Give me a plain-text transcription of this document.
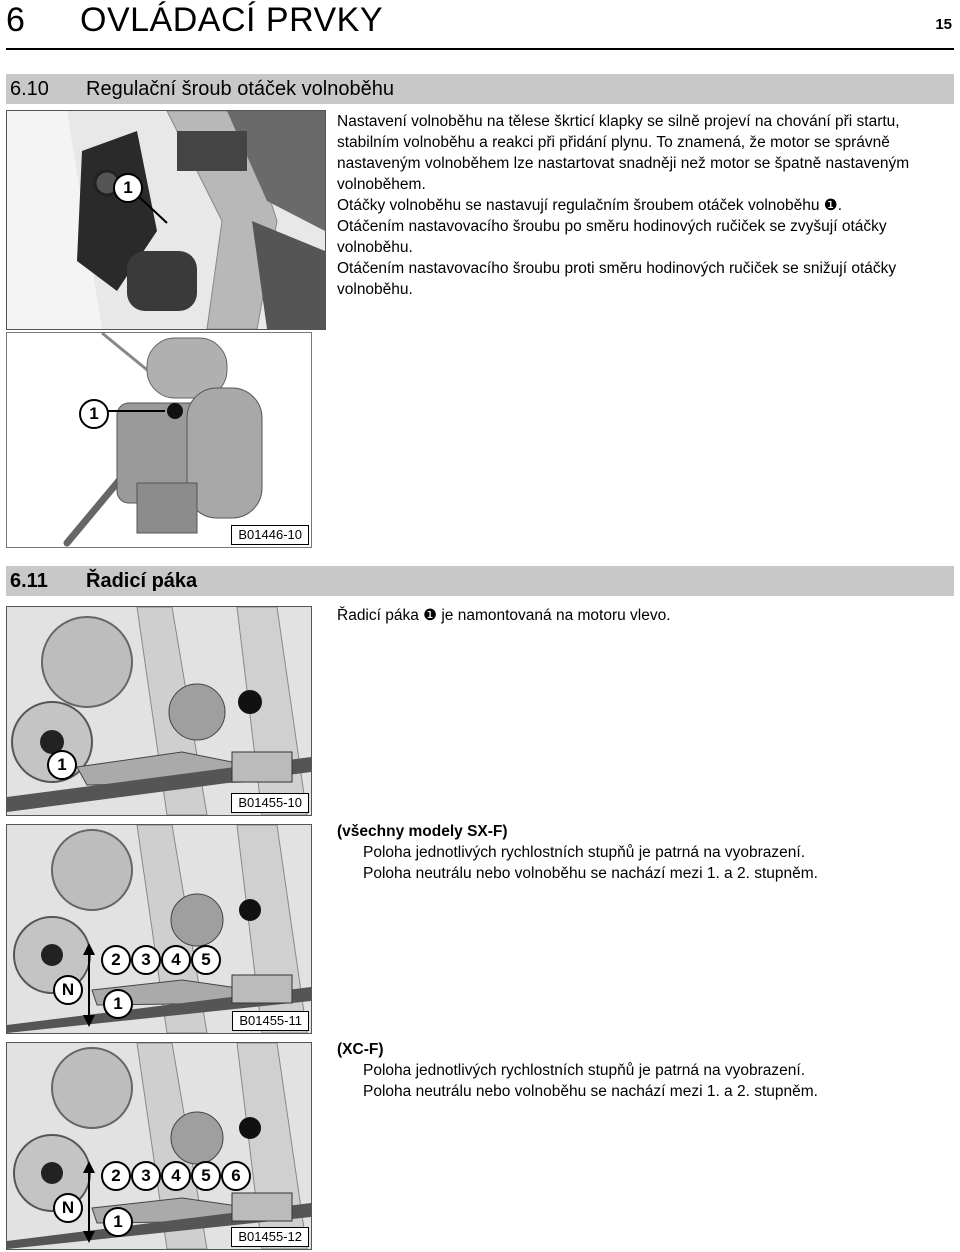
6 OVLÁDACÍ PRVKY	15
6.10 Regulační šroub otáček volnoběhu
1

Nastavení volnoběhu na tělese škrticí klapky se silně projeví na chování při startu, stabilním volnoběhu a reakci při přidání plynu. To znamená, že motor se správně nastaveným volnoběhem lze nastartovat snadněji než motor se špatně nastaveným volnoběhem.

Otáčky volnoběhu se nastavují regulačním šroubem otáček volnoběhu ❶.

Otáčením nastavovacího šroubu po směru hodinových ručiček se zvyšují otáčky volnoběhu.

Otáčením nastavovacího šroubu proti směru hodinových ručiček se snižují otáčky volnoběhu.

1
B01446-10
6.11 Řadicí páka

Řadicí páka ❶ je namontovaná na motoru vlevo.

1
B01455-10

(všechny modely SX-F)

Poloha jednotlivých rychlostních stupňů je patrná na vyobrazení.

Poloha neutrálu nebo volnoběhu se nachází mezi 1. a 2. stupněm.

2	3	4	5
N
1
B01455-11

(XC-F)

Poloha jednotlivých rychlostních stupňů je patrná na vyobrazení.

Poloha neutrálu nebo volnoběhu se nachází mezi 1. a 2. stupněm.

2	3	4	5	6
N
1
B01455-12
